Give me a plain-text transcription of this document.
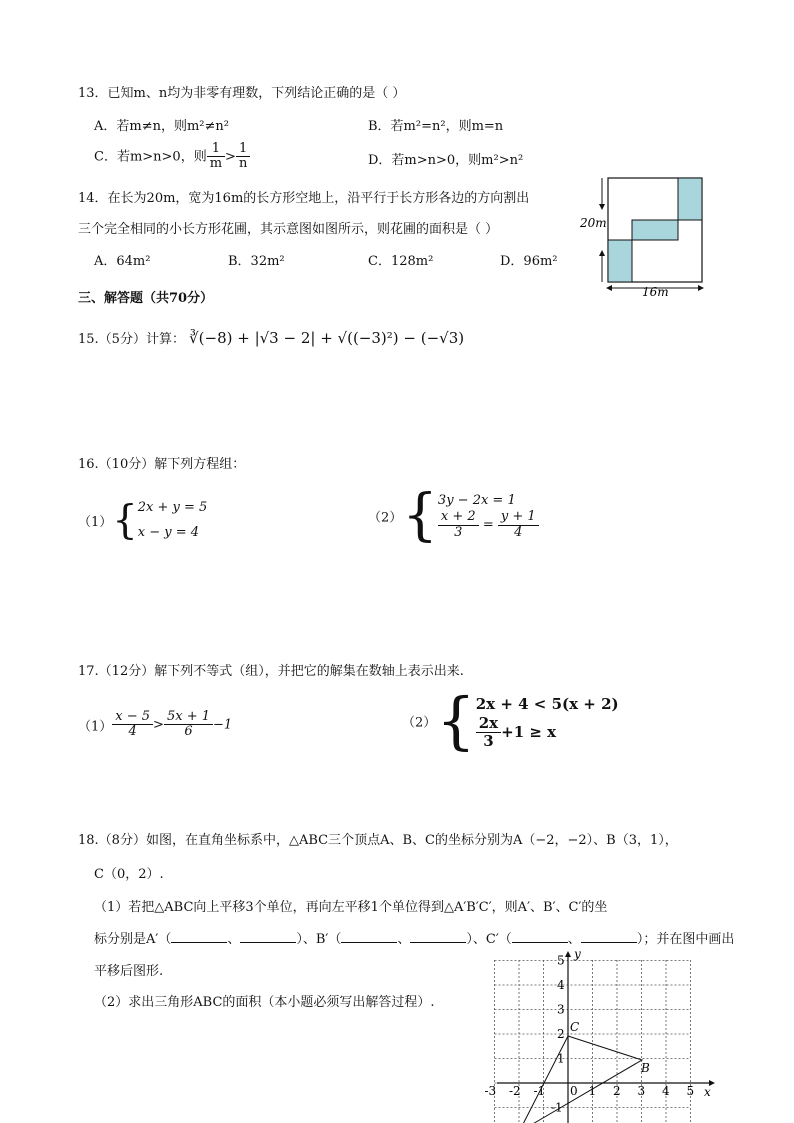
13．已知m、n均为非零有理数，下列结论正确的是（ ）
A．若m≠n，则m²≠n²	B．若m²=n²，则m=n
C．若m>n>0，则 $\frac{1}{m} > \frac{1}{n}$	D．若m>n>0，则m²>n²
14．在长为20m，宽为16m的长方形空地上，沿平行于长方形各边的方向割出
三个完全相同的小长方形花圃，其示意图如图所示，则花圃的面积是（ ）
A．64m²	B．32m²	C．128m²	D．96m²
20m
16m
三、解答题（共70分）
15.（5分）计算： ∛(−8) + |√3 − 2| + √((−3)²) − (−√3)
16.（10分）解下列方程组：
（1）{ 2x + y = 5
x − y = 4
（2）{ 3y − 2x = 1
$\frac{x + 2}{3} = \frac{y + 1}{4}$
17.（12分）解下列不等式（组），并把它的解集在数轴上表示出来.
$(1) \frac{x - 5}{4} > \frac{5x + 1}{6} -1$	（2）{ 2x + 4 < 5(x + 2)
$\frac{2x}{3} +1 \ge x$
18.（8分）如图，在直角坐标系中，△ABC三个顶点A、B、C的坐标分别为A（−2，−2）、B（3，1），
C（0，2）.
（1）若把△ABC向上平移3个单位，再向左平移1个单位得到△A′B′C′，则A′、B′、C′的坐
标分别是A′（	、	）、B′（	、	）、C′（	、	）；并在图中画出
平移后图形.
（2）求出三角形ABC的面积（本小题必须写出解答过程）.
y
x
0
-3 -2 -1	1 2 3 4 5
5
4
3
2
1
-1
C
B
